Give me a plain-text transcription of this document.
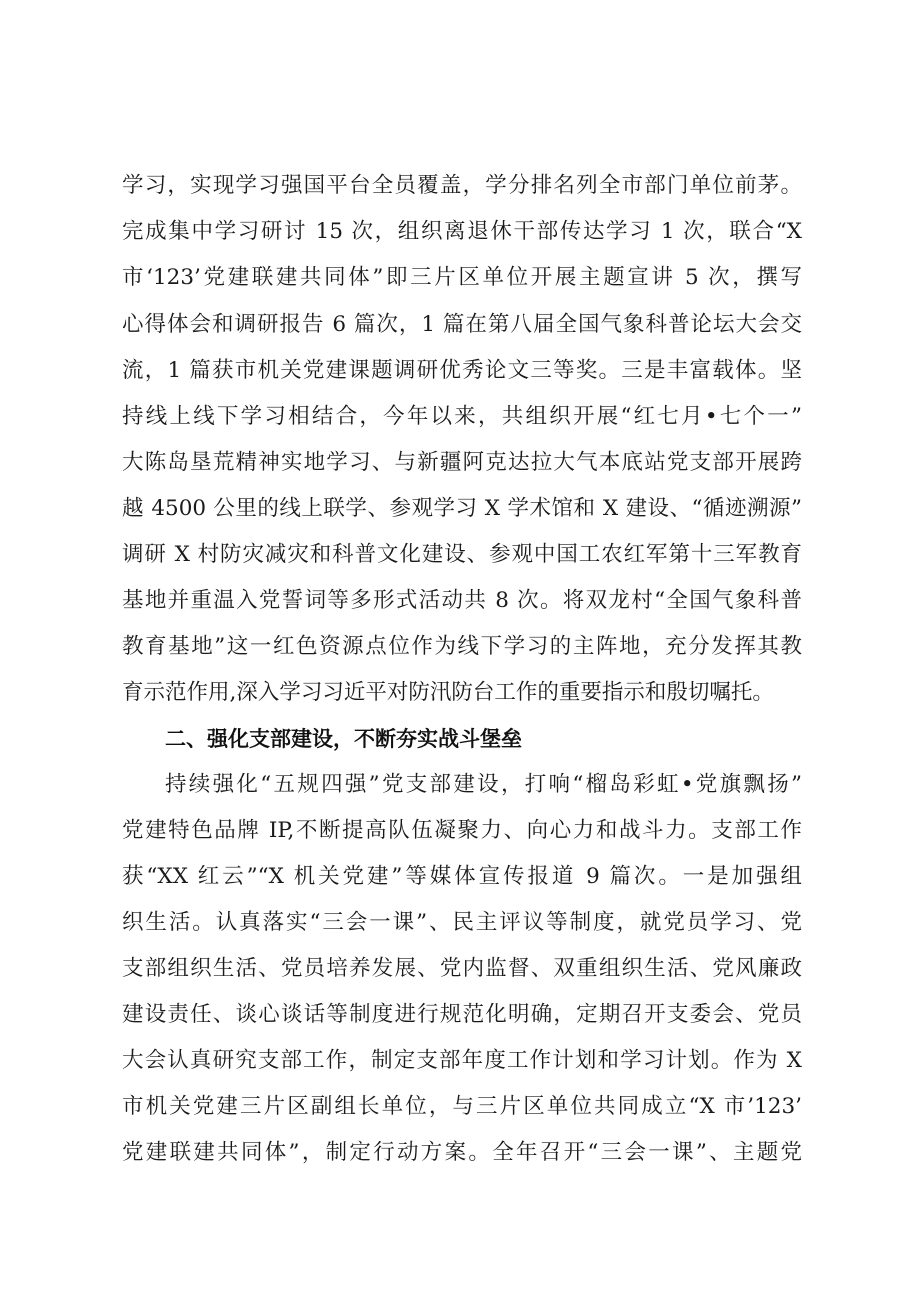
学习，实现学习强国平台全员覆盖，学分排名列全市部门单位前茅。
完成集中学习研讨 15 次，组织离退休干部传达学习 1 次，联合“X
市‘123’党建联建共同体”即三片区单位开展主题宣讲 5 次，撰写
心得体会和调研报告 6 篇次，1 篇在第八届全国气象科普论坛大会交
流，1 篇获市机关党建课题调研优秀论文三等奖。三是丰富载体。坚
持线上线下学习相结合，今年以来，共组织开展“红七月•七个一”
大陈岛垦荒精神实地学习、与新疆阿克达拉大气本底站党支部开展跨
越 4500 公里的线上联学、参观学习 X 学术馆和 X 建设、“循迹溯源”
调研 X 村防灾减灾和科普文化建设、参观中国工农红军第十三军教育
基地并重温入党誓词等多形式活动共 8 次。将双龙村“全国气象科普
教育基地”这一红色资源点位作为线下学习的主阵地，充分发挥其教
育示范作用,深入学习习近平对防汛防台工作的重要指示和殷切嘱托。
二、强化支部建设，不断夯实战斗堡垒
持续强化“五规四强”党支部建设，打响“榴岛彩虹•党旗飘扬”
党建特色品牌 IP,不断提高队伍凝聚力、向心力和战斗力。支部工作
获“XX 红云”“X 机关党建”等媒体宣传报道 9 篇次。一是加强组
织生活。认真落实“三会一课”、民主评议等制度，就党员学习、党
支部组织生活、党员培养发展、党内监督、双重组织生活、党风廉政
建设责任、谈心谈话等制度进行规范化明确，定期召开支委会、党员
大会认真研究支部工作，制定支部年度工作计划和学习计划。作为 X
市机关党建三片区副组长单位，与三片区单位共同成立“X 市’123’
党建联建共同体”，制定行动方案。全年召开“三会一课”、主题党
